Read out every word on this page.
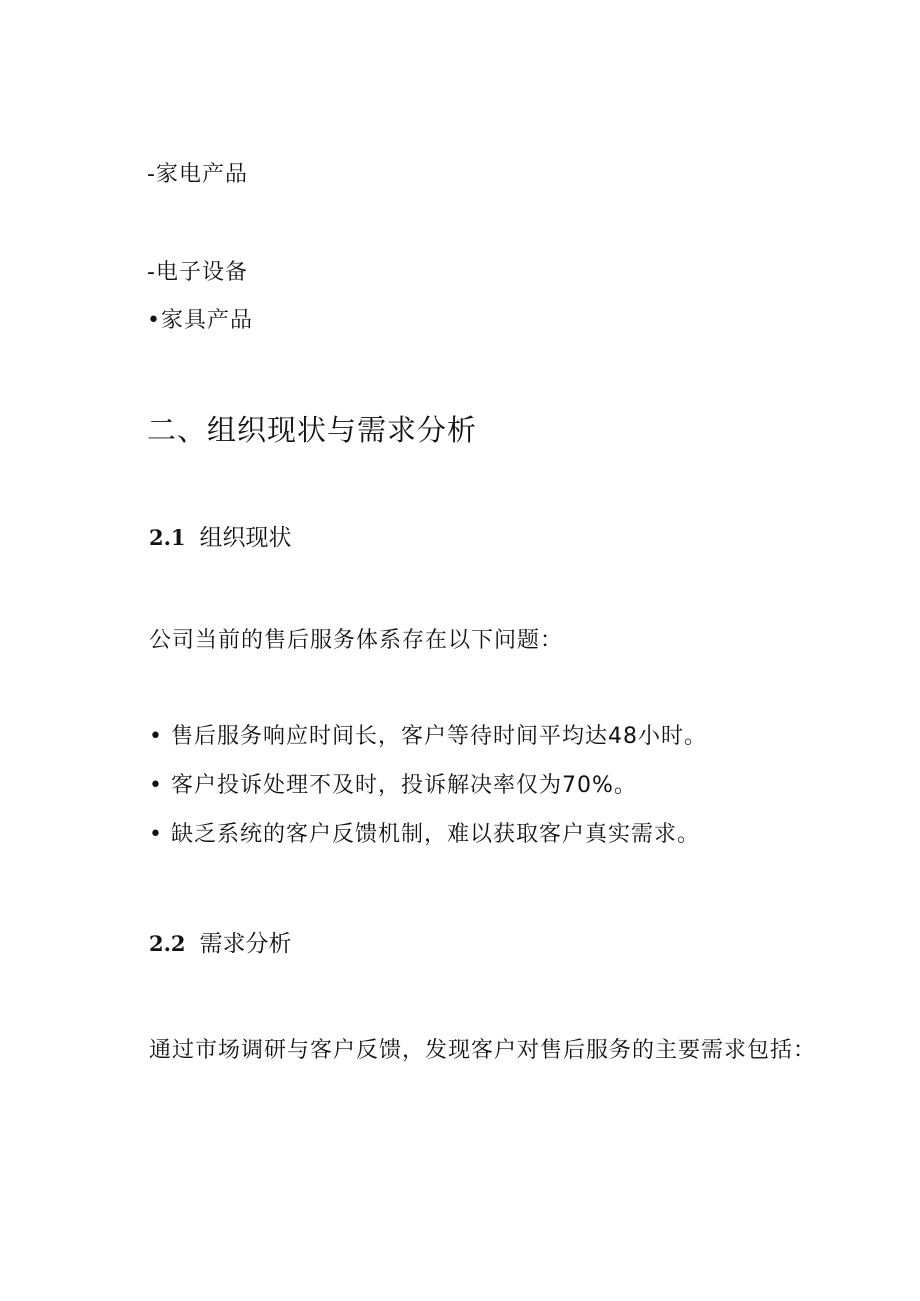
-家电产品
-电子设备
•家具产品
二、组织现状与需求分析
2.1 组织现状
公司当前的售后服务体系存在以下问题：
• 售后服务响应时间长，客户等待时间平均达48小时。
• 客户投诉处理不及时，投诉解决率仅为70%。
• 缺乏系统的客户反馈机制，难以获取客户真实需求。
2.2 需求分析
通过市场调研与客户反馈，发现客户对售后服务的主要需求包括：
